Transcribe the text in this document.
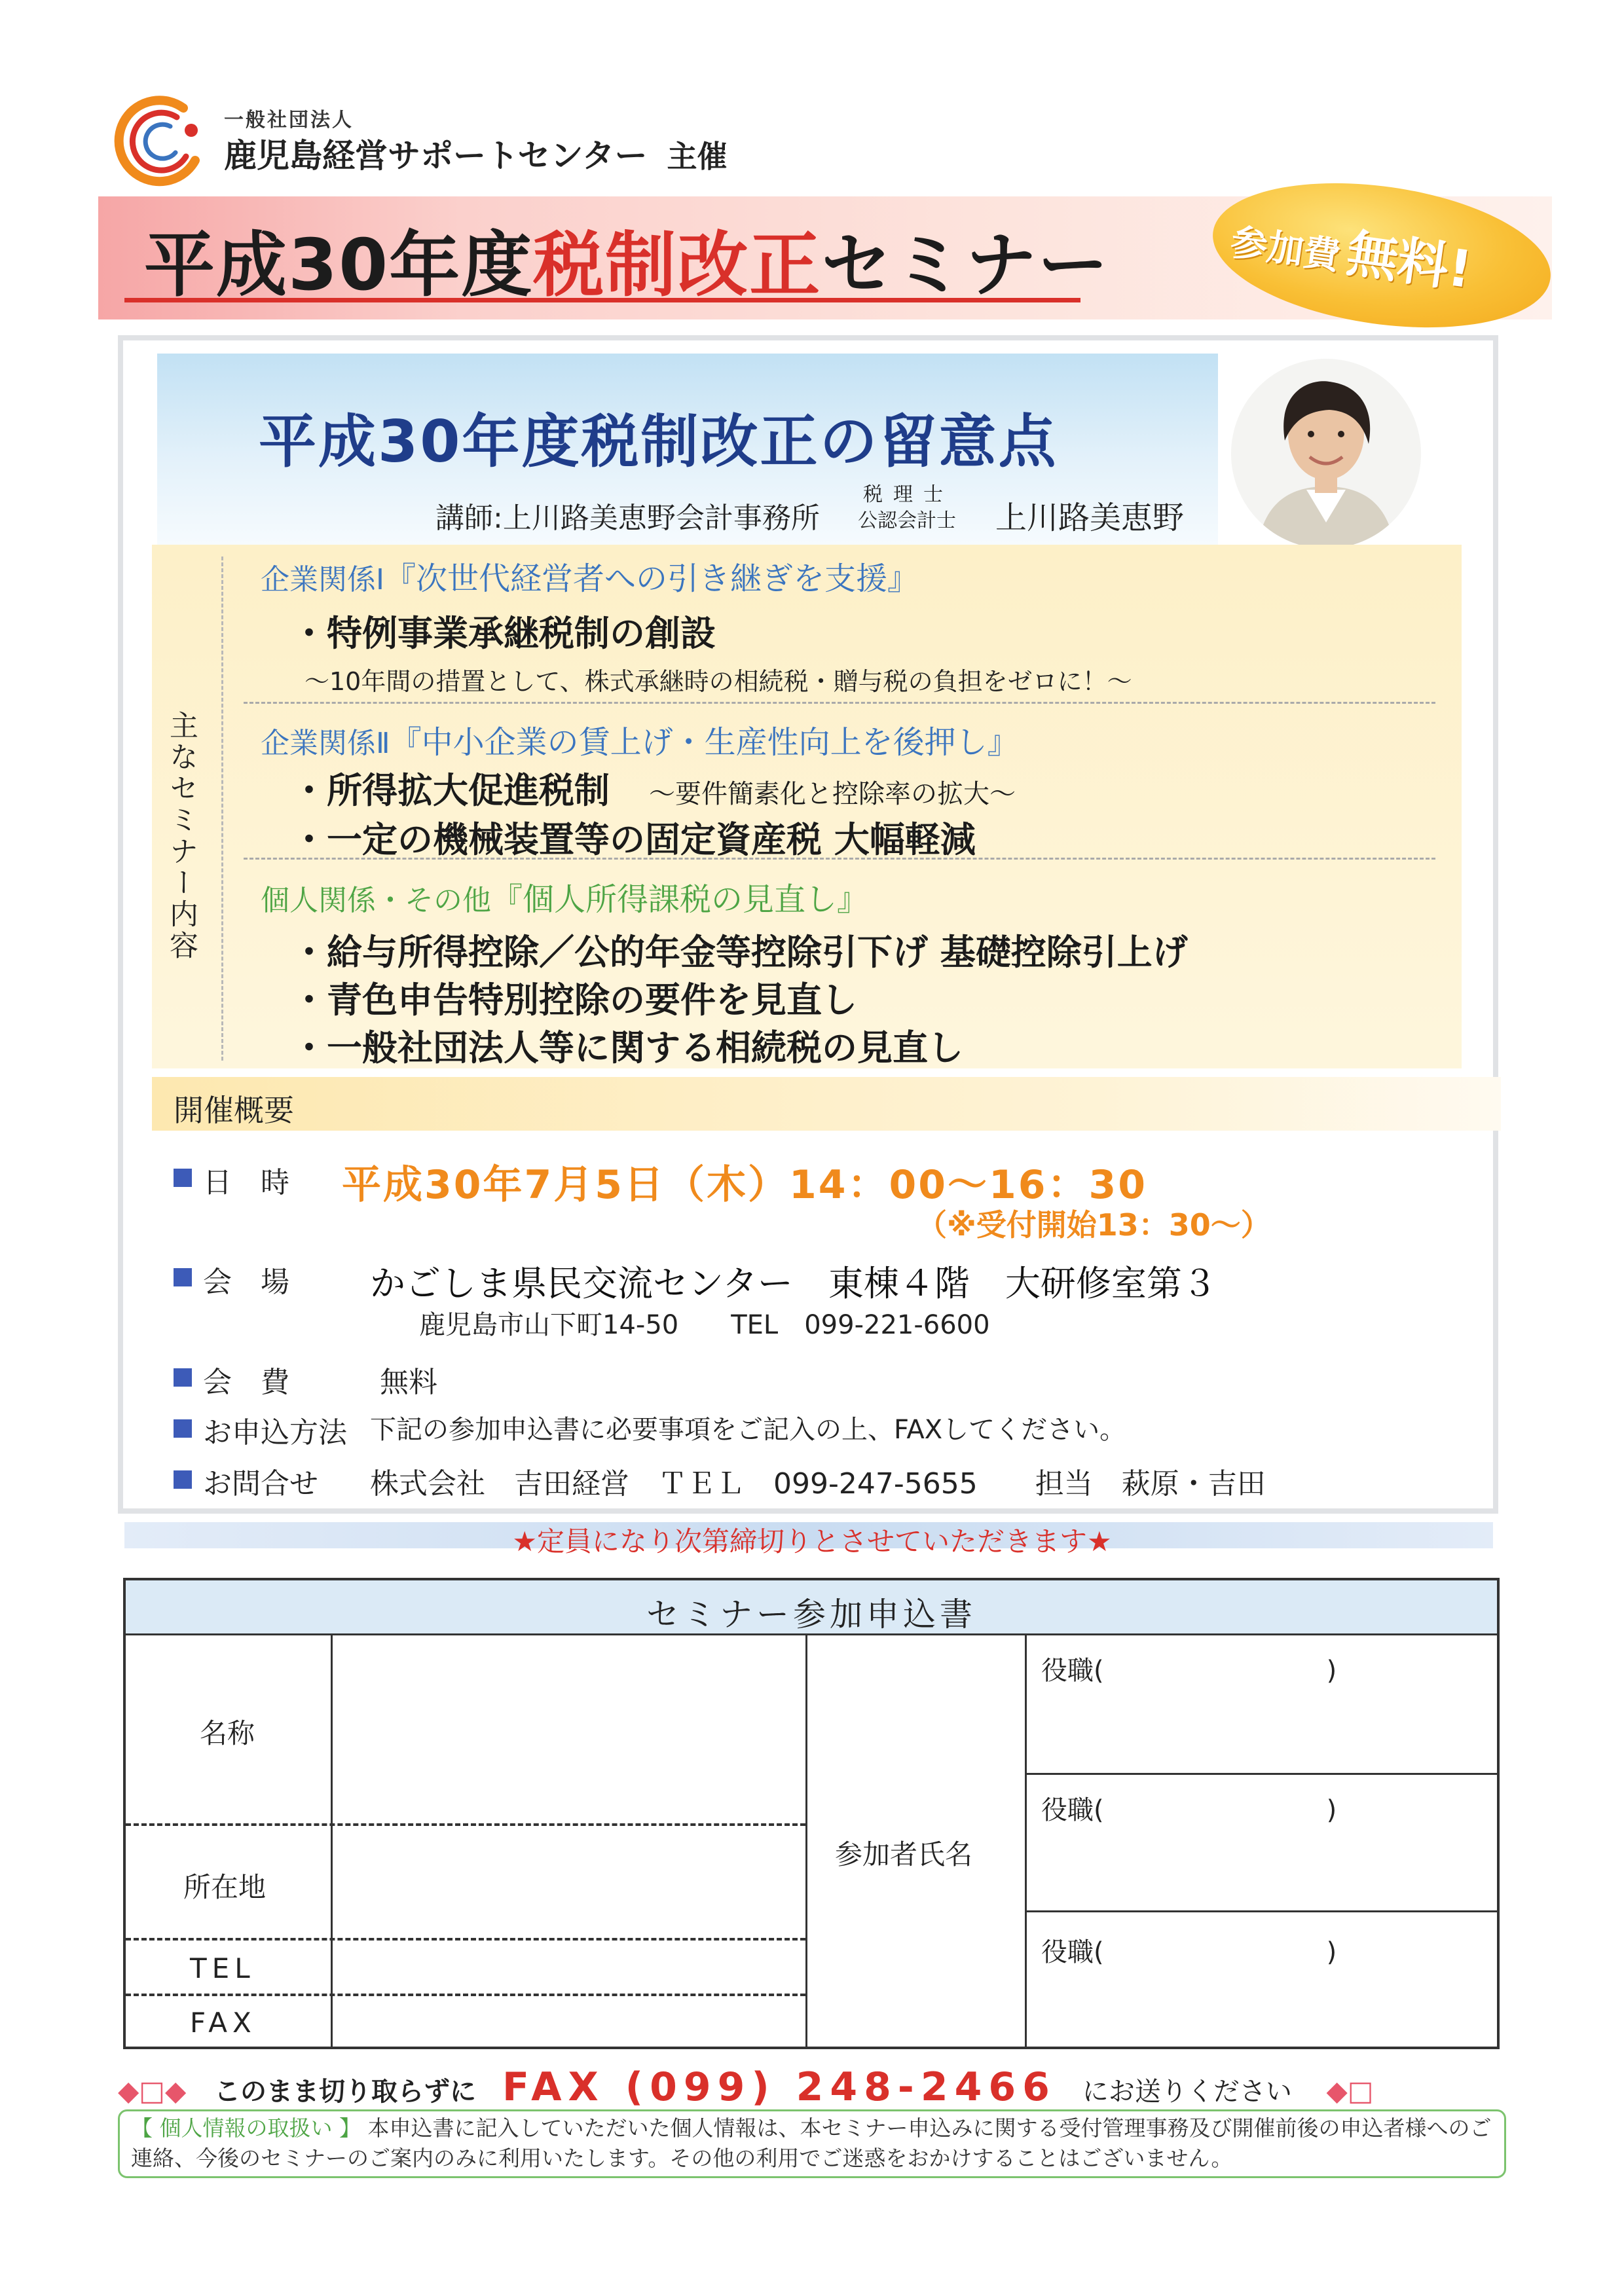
一般社団法人
鹿児島経営サポートセンター 主催
平成30年度税制改正セミナー	参加費無料!
平成30年度税制改正の留意点
講師:上川路美恵野会計事務所
税理士
公認会計士 上川路美恵野
主なセミナー内容
企業関係Ⅰ『次世代経営者への引き継ぎを支援』
・特例事業承継税制の創設
～10年間の措置として、株式承継時の相続税・贈与税の負担をゼロに！～
企業関係Ⅱ『中小企業の賃上げ・生産性向上を後押し』
・所得拡大促進税制 ～要件簡素化と控除率の拡大～
・一定の機械装置等の固定資産税 大幅軽減
個人関係・その他『個人所得課税の見直し』
・給与所得控除／公的年金等控除引下げ 基礎控除引上げ
・青色申告特別控除の要件を見直し
・一般社団法人等に関する相続税の見直し
開催概要
日　時 平成30年7月5日（木）14：00～16：30
（※受付開始13：30～）
会　場 かごしま県民交流センター　東棟４階　大研修室第３
鹿児島市山下町14-50　　TEL　099-221-6600
会　費	無料
お申込方法 下記の参加申込書に必要事項をご記入の上、FAXしてください。
お問合せ 株式会社　吉田経営　ＴＥＬ　099-247-5655　　担当　萩原・吉田
★定員になり次第締切りとさせていただきます★
セミナー参加申込書
名称
所在地
TEL
FAX
参加者氏名
役職(	)
役職(	)
役職(	)
◆□◆ このまま切り取らずに FAX (099) 248-2466 にお送りください ◆□
【 個人情報の取扱い 】 本申込書に記入していただいた個人情報は、本セミナー申込みに関する受付管理事務及び開催前後の申込者様へのご連絡、今後のセミナーのご案内のみに利用いたします。その他の利用でご迷惑をおかけすることはございません。
